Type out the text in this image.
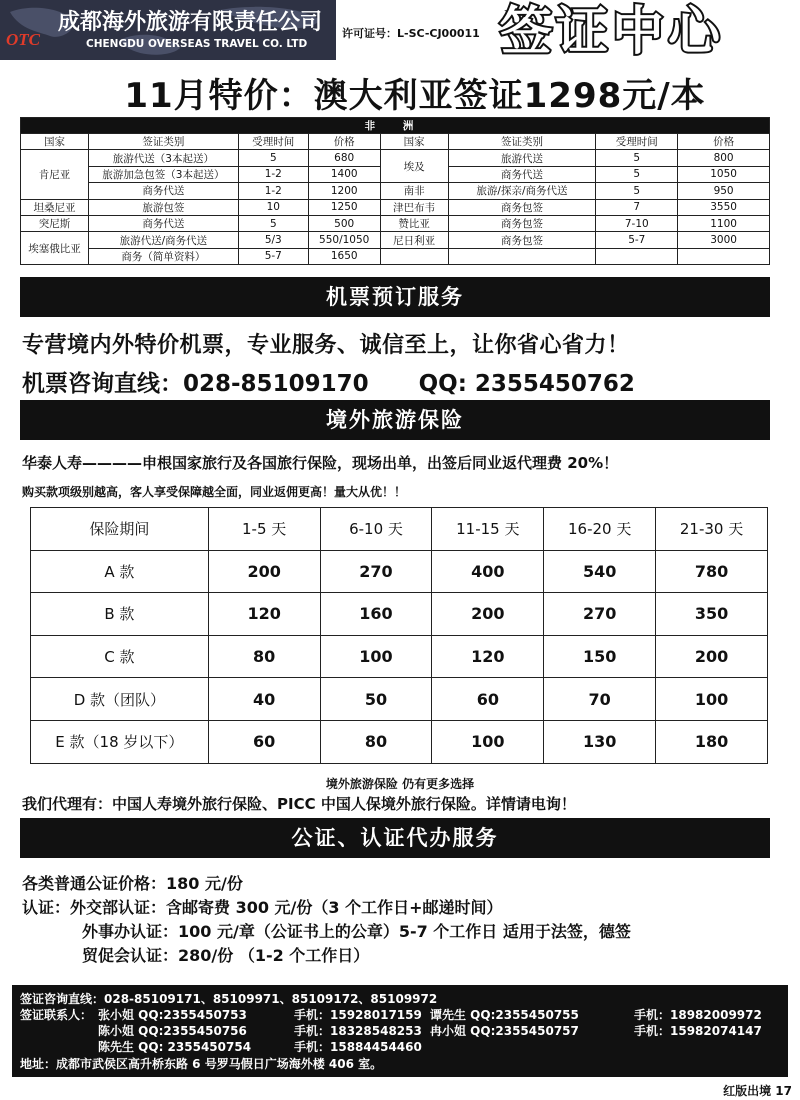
OTC
成都海外旅游有限责任公司
CHENGDU OVERSEAS TRAVEL CO. LTD
许可证号：L-SC-CJ00011 签证中心
11月特价：澳大利亚签证1298元/本
非 洲							
国家	签证类别	受理时间	价格	国家	签证类别	受理时间	价格
肯尼亚	旅游代送（3本起送）	5	680	埃及	旅游代送	5	800
	旅游加急包签（3本起送）	1-2	1400		商务代送	5	1050
	商务代送	1-2	1200	南非	旅游/探亲/商务代送	5	950
坦桑尼亚	旅游包签	10	1250	津巴布韦	商务包签	7	3550
突尼斯	商务代送	5	500	赞比亚	商务包签	7-10	1100
埃塞俄比亚	旅游代送/商务代送	5/3	550/1050	尼日利亚	商务包签	5-7	3000
	商务（简单资料）	5-7	1650				
机票预订服务
专营境内外特价机票，专业服务、诚信至上，让你省心省力！
机票咨询直线：028-85109170 QQ: 2355450762
境外旅游保险
华泰人寿————申根国家旅行及各国旅行保险，现场出单，出签后同业返代理费 20%！
购买款项级别越高，客人享受保障越全面，同业返佣更高！量大从优！！
保险期间	1-5 天	6-10 天	11-15 天	16-20 天	21-30 天
A 款	200	270	400	540	780
B 款	120	160	200	270	350
C 款	80	100	120	150	200
D 款（团队）	40	50	60	70	100
E 款（18 岁以下）	60	80	100	130	180
境外旅游保险 仍有更多选择
我们代理有：中国人寿境外旅行保险、PICC 中国人保境外旅行保险。详情请电询！
公证、认证代办服务
各类普通公证价格：180 元/份
认证：外交部认证：含邮寄费 300 元/份（3 个工作日+邮递时间）
外事办认证：100 元/章（公证书上的公章）5-7 个工作日 适用于法签，德签
贸促会认证：280/份 （1-2 个工作日）
签证咨询直线：028-85109171、85109971、85109172、85109972
签证联系人： 张小姐 QQ:2355450753	手机：15928017159 谭先生 QQ:2355450755	手机：18982009972
陈小姐 QQ:2355450756	手机：18328548253 冉小姐 QQ:2355450757	手机：15982074147
陈先生 QQ: 2355450754	手机：15884454460
地址：成都市武侯区高升桥东路 6 号罗马假日广场海外楼 406 室。
红版出境 17
